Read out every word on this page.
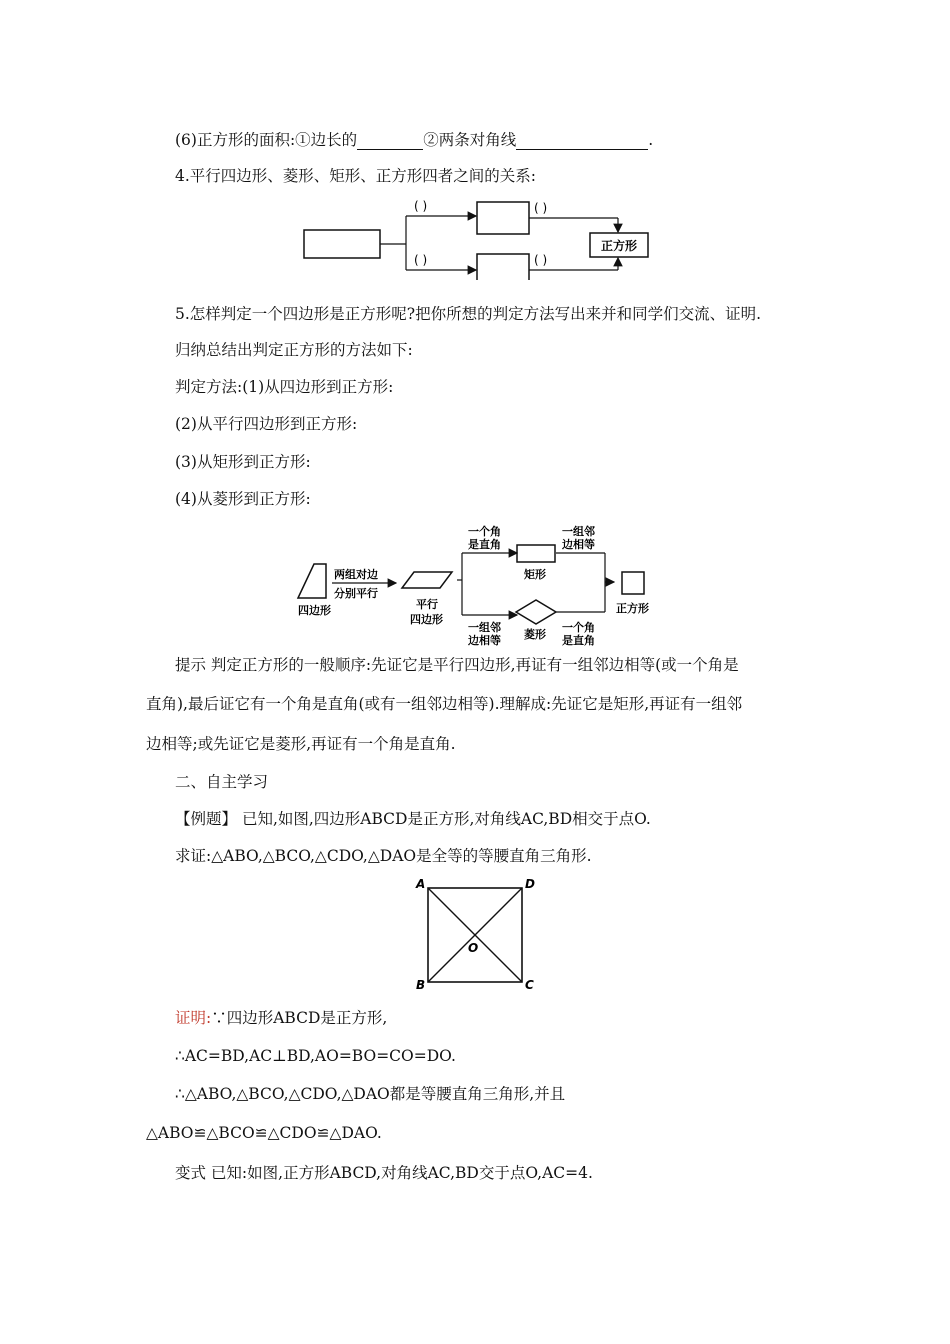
(6)正方形的面积:①边长的	②两条对角线	.
4.平行四边形、菱形、矩形、正方形四者之间的关系:
( )
( )
( )
( )
正方形
5.怎样判定一个四边形是正方形呢?把你所想的判定方法写出来并和同学们交流、证明.
归纳总结出判定正方形的方法如下:
判定方法:(1)从四边形到正方形:
(2)从平行四边形到正方形:
(3)从矩形到正方形:
(4)从菱形到正方形:
四边形
两组对边
分别平行
平行
四边形
一个角
是直角
一组邻
边相等
矩形
菱形
一组邻
边相等
一个角
是直角
正方形
提示 判定正方形的一般顺序:先证它是平行四边形,再证有一组邻边相等(或一个角是
直角),最后证它有一个角是直角(或有一组邻边相等).理解成:先证它是矩形,再证有一组邻
边相等;或先证它是菱形,再证有一个角是直角.
二、自主学习
【例题】 已知,如图,四边形ABCD是正方形,对角线AC,BD相交于点O.
求证:△ABO,△BCO,△CDO,△DAO是全等的等腰直角三角形.
A	D
B	C
O
证明:∵四边形ABCD是正方形,
∴AC=BD,AC⊥BD,AO=BO=CO=DO.
∴△ABO,△BCO,△CDO,△DAO都是等腰直角三角形,并且
△ABO≌△BCO≌△CDO≌△DAO.
变式 已知:如图,正方形ABCD,对角线AC,BD交于点O,AC=4.
